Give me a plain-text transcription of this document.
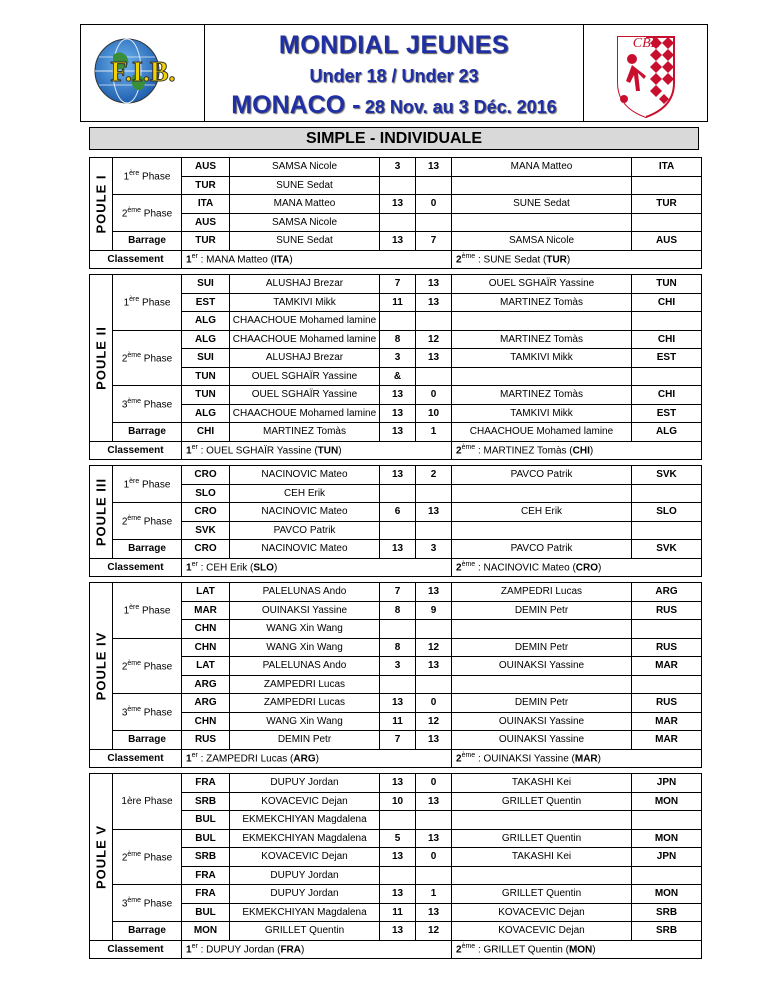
F.I.B.
MONDIAL JEUNES
Under 18 / Under 23
MONACO - 28 Nov. au 3 Déc. 2016
CBR
SIMPLE - INDIVIDUALE
POULE I	1ère Phase	AUS	SAMSA Nicole	3	13	MANA Matteo	ITA
		TUR	SUNE Sedat				
	2ème Phase	ITA	MANA Matteo	13	0	SUNE Sedat	TUR
		AUS	SAMSA Nicole				
	Barrage	TUR	SUNE Sedat	13	7	SAMSA Nicole	AUS
Classement		1er : MANA Matteo (ITA)				2ème : SUNE Sedat (TUR)	
POULE II	1ère Phase	SUI	ALUSHAJ Brezar	7	13	OUEL SGHAÏR Yassine	TUN
		EST	TAMKIVI Mikk	11	13	MARTINEZ Tomàs	CHI
		ALG	CHAACHOUE Mohamed lamine				
	2ème Phase	ALG	CHAACHOUE Mohamed lamine	8	12	MARTINEZ Tomàs	CHI
		SUI	ALUSHAJ Brezar	3	13	TAMKIVI Mikk	EST
		TUN	OUEL SGHAÏR Yassine	&			
	3ème Phase	TUN	OUEL SGHAÏR Yassine	13	0	MARTINEZ Tomàs	CHI
		ALG	CHAACHOUE Mohamed lamine	13	10	TAMKIVI Mikk	EST
	Barrage	CHI	MARTINEZ Tomàs	13	1	CHAACHOUE Mohamed lamine	ALG
Classement		1er : OUEL SGHAÏR Yassine (TUN)				2ème : MARTINEZ Tomàs (CHI)	
POULE III	1ère Phase	CRO	NACINOVIC Mateo	13	2	PAVCO Patrik	SVK
		SLO	CEH Erik				
	2ème Phase	CRO	NACINOVIC Mateo	6	13	CEH Erik	SLO
		SVK	PAVCO Patrik				
	Barrage	CRO	NACINOVIC Mateo	13	3	PAVCO Patrik	SVK
Classement		1er : CEH Erik (SLO)				2ème : NACINOVIC Mateo (CRO)	
POULE IV	1ère Phase	LAT	PALELUNAS Ando	7	13	ZAMPEDRI Lucas	ARG
		MAR	OUINAKSI Yassine	8	9	DEMIN Petr	RUS
		CHN	WANG Xin Wang				
	2ème Phase	CHN	WANG Xin Wang	8	12	DEMIN Petr	RUS
		LAT	PALELUNAS Ando	3	13	OUINAKSI Yassine	MAR
		ARG	ZAMPEDRI Lucas				
	3ème Phase	ARG	ZAMPEDRI Lucas	13	0	DEMIN Petr	RUS
		CHN	WANG Xin Wang	11	12	OUINAKSI Yassine	MAR
	Barrage	RUS	DEMIN Petr	7	13	OUINAKSI Yassine	MAR
Classement		1er : ZAMPEDRI Lucas (ARG)				2ème : OUINAKSI Yassine (MAR)	
POULE V	1ère Phase	FRA	DUPUY Jordan	13	0	TAKASHI Kei	JPN
		SRB	KOVACEVIC Dejan	10	13	GRILLET Quentin	MON
		BUL	EKMEKCHIYAN Magdalena				
	2ème Phase	BUL	EKMEKCHIYAN Magdalena	5	13	GRILLET Quentin	MON
		SRB	KOVACEVIC Dejan	13	0	TAKASHI Kei	JPN
		FRA	DUPUY Jordan				
	3ème Phase	FRA	DUPUY Jordan	13	1	GRILLET Quentin	MON
		BUL	EKMEKCHIYAN Magdalena	11	13	KOVACEVIC Dejan	SRB
	Barrage	MON	GRILLET Quentin	13	12	KOVACEVIC Dejan	SRB
Classement		1er : DUPUY Jordan (FRA)				2ème : GRILLET Quentin (MON)	
